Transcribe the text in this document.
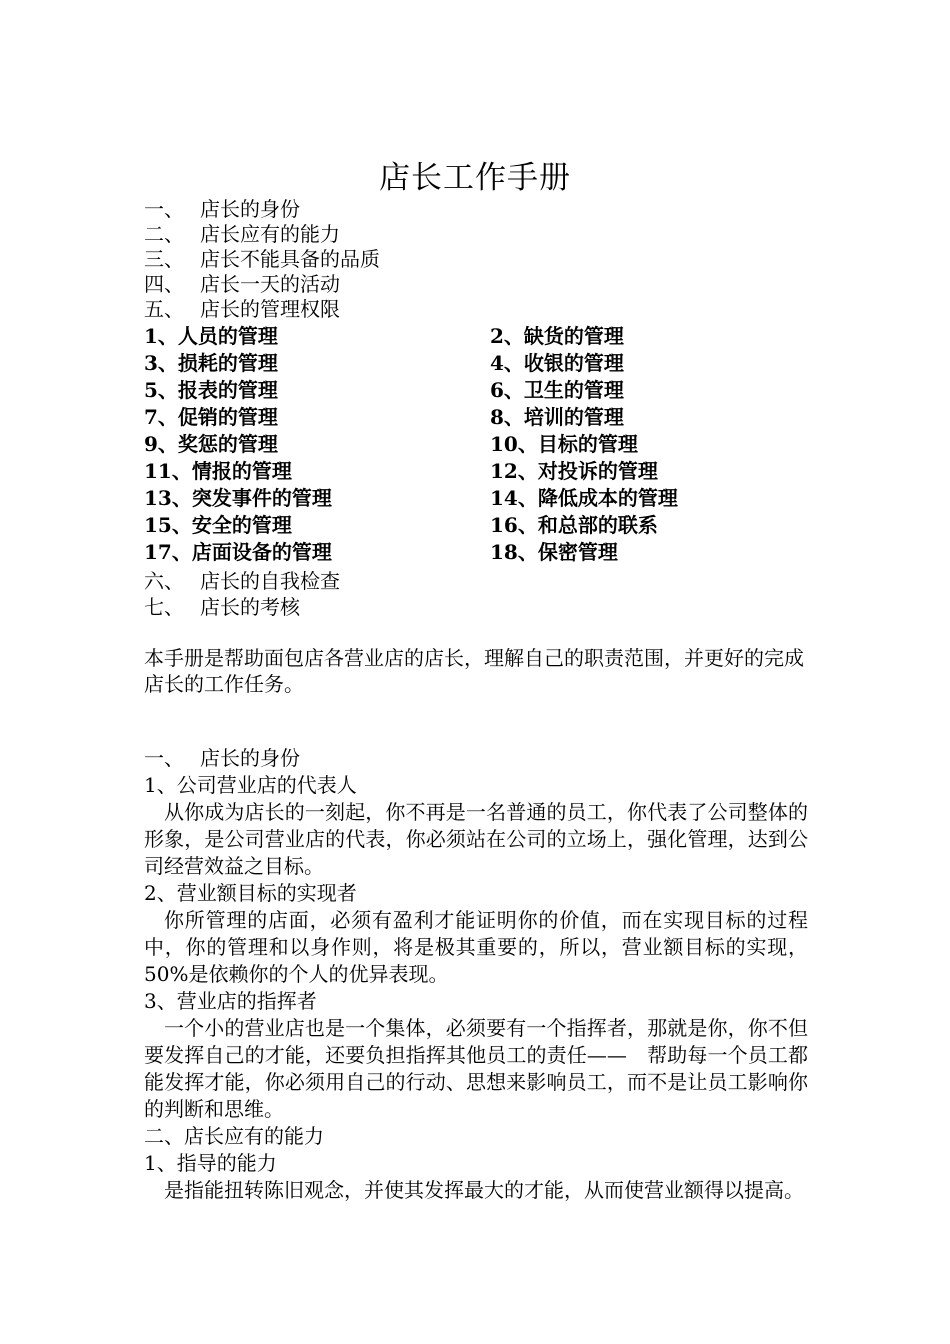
店长工作手册
一、 店长的身份
二、 店长应有的能力
三、 店长不能具备的品质
四、 店长一天的活动
五、 店长的管理权限
1、人员的管理	2、缺货的管理
3、损耗的管理	4、收银的管理
5、报表的管理	6、卫生的管理
7、促销的管理	8、培训的管理
9、奖惩的管理	10、目标的管理
11、情报的管理	12、对投诉的管理
13、突发事件的管理	14、降低成本的管理
15、安全的管理	16、和总部的联系
17、店面设备的管理	18、保密管理
六、 店长的自我检查
七、 店长的考核

本手册是帮助面包店各营业店的店长，理解自己的职责范围，并更好的完成店长的工作任务。

一、 店长的身份

1、公司营业店的代表人

从你成为店长的一刻起，你不再是一名普通的员工，你代表了公司整体的形象，是公司营业店的代表，你必须站在公司的立场上，强化管理，达到公司经营效益之目标。

2、营业额目标的实现者

你所管理的店面，必须有盈利才能证明你的价值，而在实现目标的过程中，你的管理和以身作则，将是极其重要的，所以，营业额目标的实现，50%是依赖你的个人的优异表现。

3、营业店的指挥者

一个小的营业店也是一个集体，必须要有一个指挥者，那就是你，你不但要发挥自己的才能，还要负担指挥其他员工的责任——　帮助每一个员工都能发挥才能，你必须用自己的行动、思想来影响员工，而不是让员工影响你的判断和思维。

二、店长应有的能力

1、指导的能力

是指能扭转陈旧观念，并使其发挥最大的才能，从而使营业额得以提高。
